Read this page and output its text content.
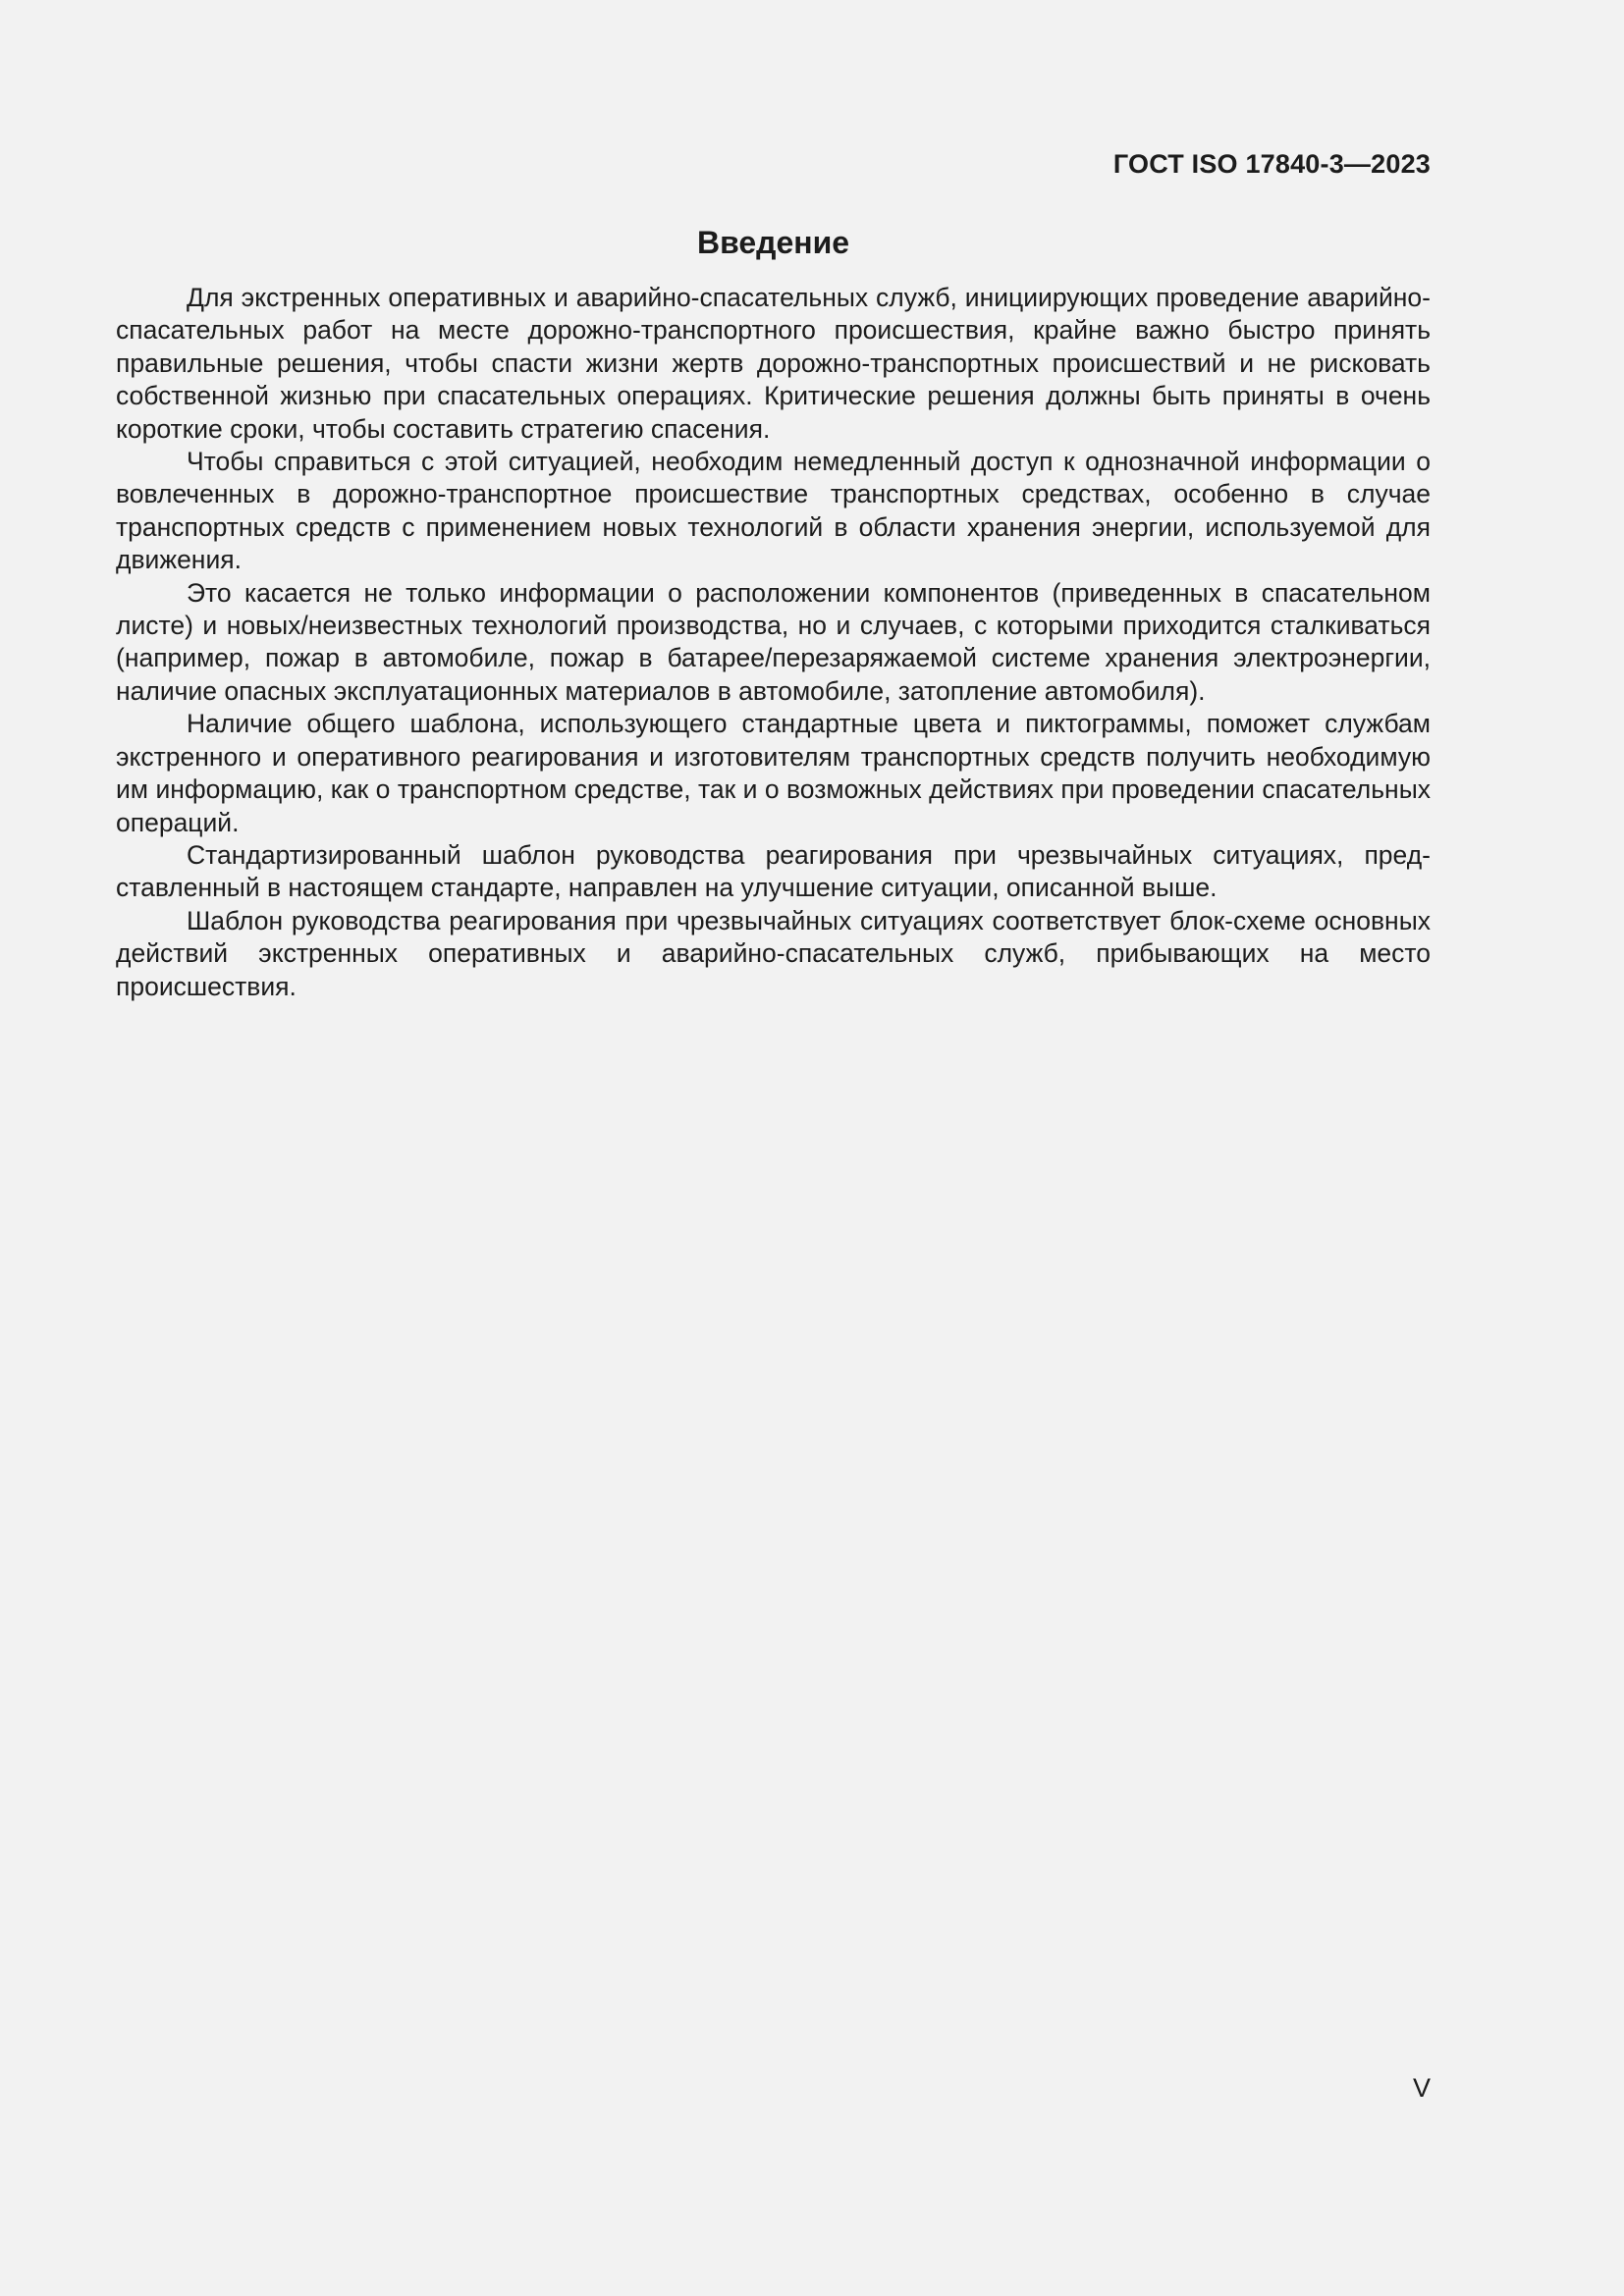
ГОСТ ISO 17840-3—2023
Введение

Для экстренных оперативных и аварийно-спасательных служб, инициирующих проведение аварийно-спасательных работ на месте дорожно-транспортного происшествия, крайне важно быстро принять правильные решения, чтобы спасти жизни жертв дорожно-транспортных происшествий и не рисковать собственной жизнью при спасательных операциях. Критические решения должны быть приняты в очень короткие сроки, чтобы составить стратегию спасения.

Чтобы справиться с этой ситуацией, необходим немедленный доступ к однозначной информации о вовлеченных в дорожно-транспортное происшествие транспортных средствах, особенно в случае транспортных средств с применением новых технологий в области хранения энергии, используемой для движения.

Это касается не только информации о расположении компонентов (приведенных в спасательном листе) и новых/неизвестных технологий производства, но и случаев, с которыми приходится сталкиваться (например, пожар в автомобиле, пожар в батарее/перезаряжаемой системе хранения электроэнергии, наличие опасных эксплуатационных материалов в автомобиле, затопление автомобиля).

Наличие общего шаблона, использующего стандартные цвета и пиктограммы, поможет службам экстренного и оперативного реагирования и изготовителям транспортных средств получить необходимую им информацию, как о транспортном средстве, так и о возможных действиях при проведении спасательных операций.

Стандартизированный шаблон руководства реагирования при чрезвычайных ситуациях, представленный в настоящем стандарте, направлен на улучшение ситуации, описанной выше.

Шаблон руководства реагирования при чрезвычайных ситуациях соответствует блок-схеме основных действий экстренных оперативных и аварийно-спасательных служб, прибывающих на место происшествия.

V
